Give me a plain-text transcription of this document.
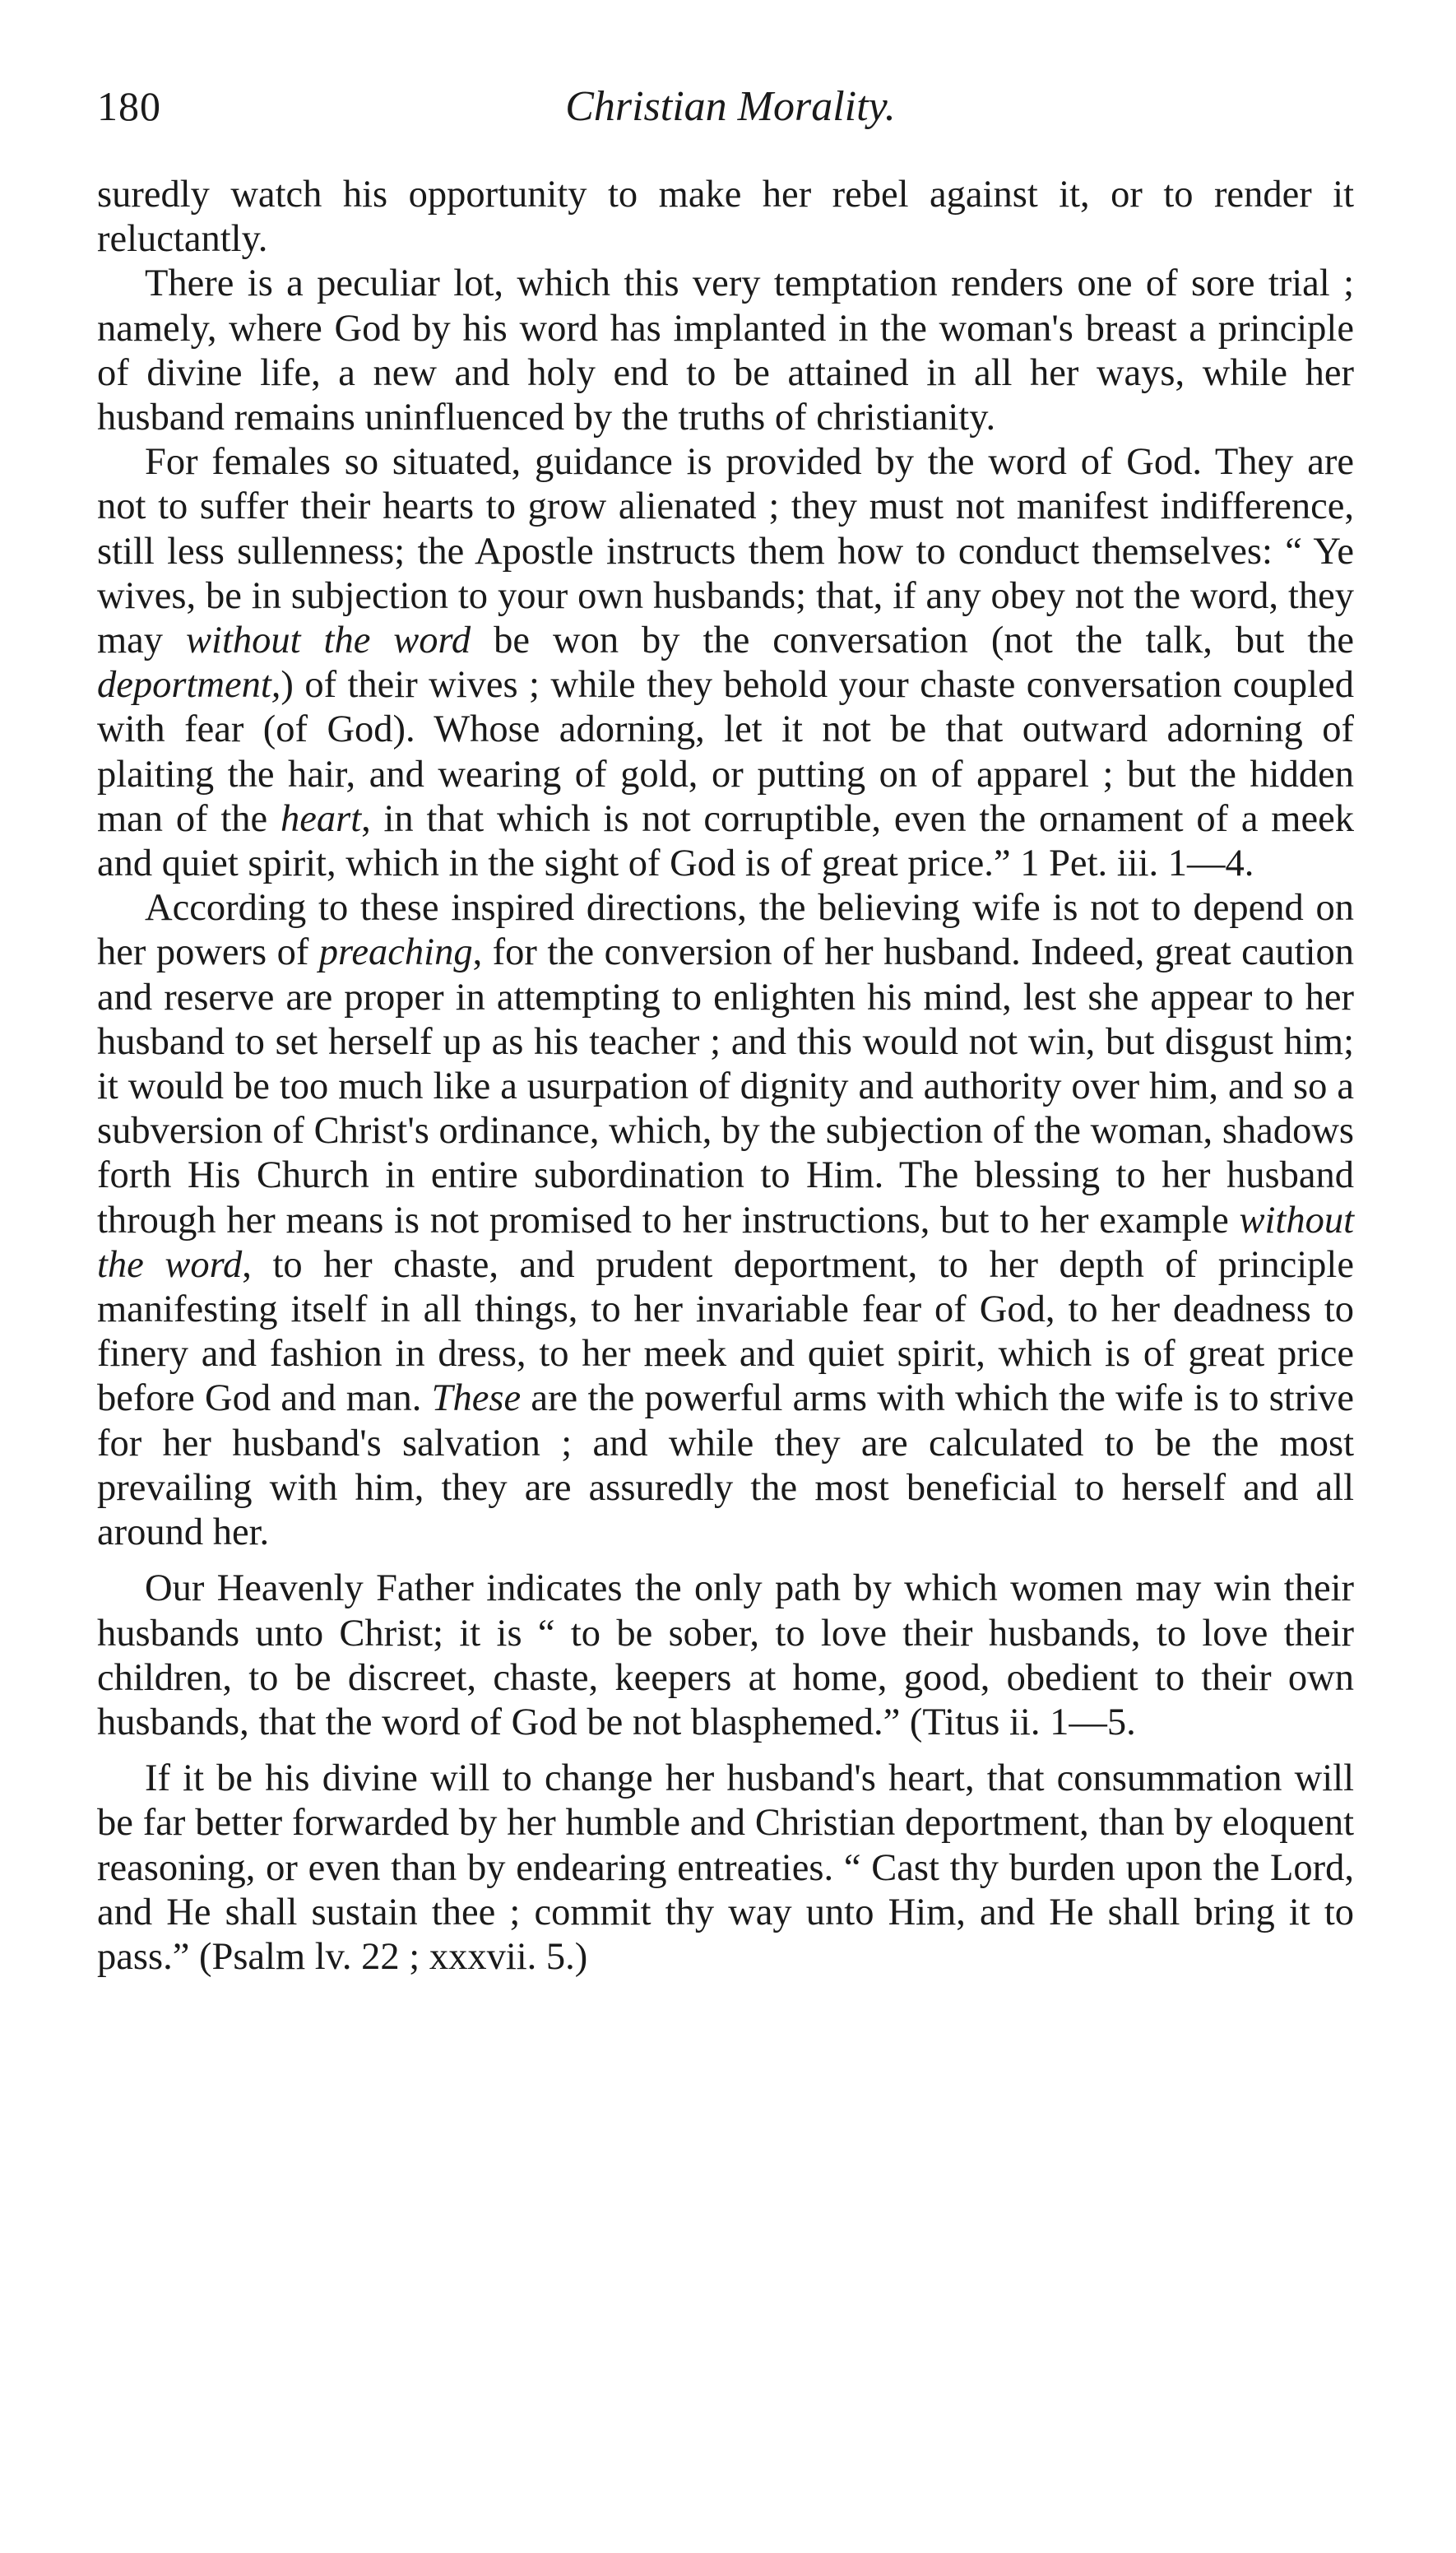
180	Christian Morality.

suredly watch his opportunity to make her rebel against it, or to render it reluctantly.

There is a peculiar lot, which this very temptation renders one of sore trial ; namely, where God by his word has implanted in the woman's breast a principle of divine life, a new and holy end to be attained in all her ways, while her husband remains uninfluenced by the truths of christianity.

For females so situated, guidance is provided by the word of God. They are not to suffer their hearts to grow alienated ; they must not manifest indifference, still less sullenness; the Apostle instructs them how to conduct themselves: “ Ye wives, be in subjection to your own husbands; that, if any obey not the word, they may without the word be won by the conversation (not the talk, but the deportment,) of their wives ; while they behold your chaste conversation coupled with fear (of God). Whose adorning, let it not be that outward adorning of plaiting the hair, and wearing of gold, or putting on of apparel ; but the hidden man of the heart, in that which is not corruptible, even the ornament of a meek and quiet spirit, which in the sight of God is of great price.” 1 Pet. iii. 1—4.

According to these inspired directions, the believing wife is not to depend on her powers of preaching, for the conversion of her husband. Indeed, great caution and reserve are proper in attempting to enlighten his mind, lest she appear to her husband to set herself up as his teacher ; and this would not win, but disgust him; it would be too much like a usurpation of dignity and authority over him, and so a subversion of Christ's ordinance, which, by the subjection of the woman, shadows forth His Church in entire subordination to Him. The blessing to her husband through her means is not promised to her instructions, but to her example without the word, to her chaste, and prudent deportment, to her depth of principle manifesting itself in all things, to her invariable fear of God, to her deadness to finery and fashion in dress, to her meek and quiet spirit, which is of great price before God and man. These are the powerful arms with which the wife is to strive for her husband's salvation ; and while they are calculated to be the most prevailing with him, they are assuredly the most beneficial to herself and all around her.

Our Heavenly Father indicates the only path by which women may win their husbands unto Christ; it is “ to be sober, to love their husbands, to love their children, to be discreet, chaste, keepers at home, good, obedient to their own husbands, that the word of God be not blasphemed.” (Titus ii. 1—5.

If it be his divine will to change her husband's heart, that consummation will be far better forwarded by her humble and Christian deportment, than by eloquent reasoning, or even than by endearing entreaties. “ Cast thy burden upon the Lord, and He shall sustain thee ; commit thy way unto Him, and He shall bring it to pass.” (Psalm lv. 22 ; xxxvii. 5.)
